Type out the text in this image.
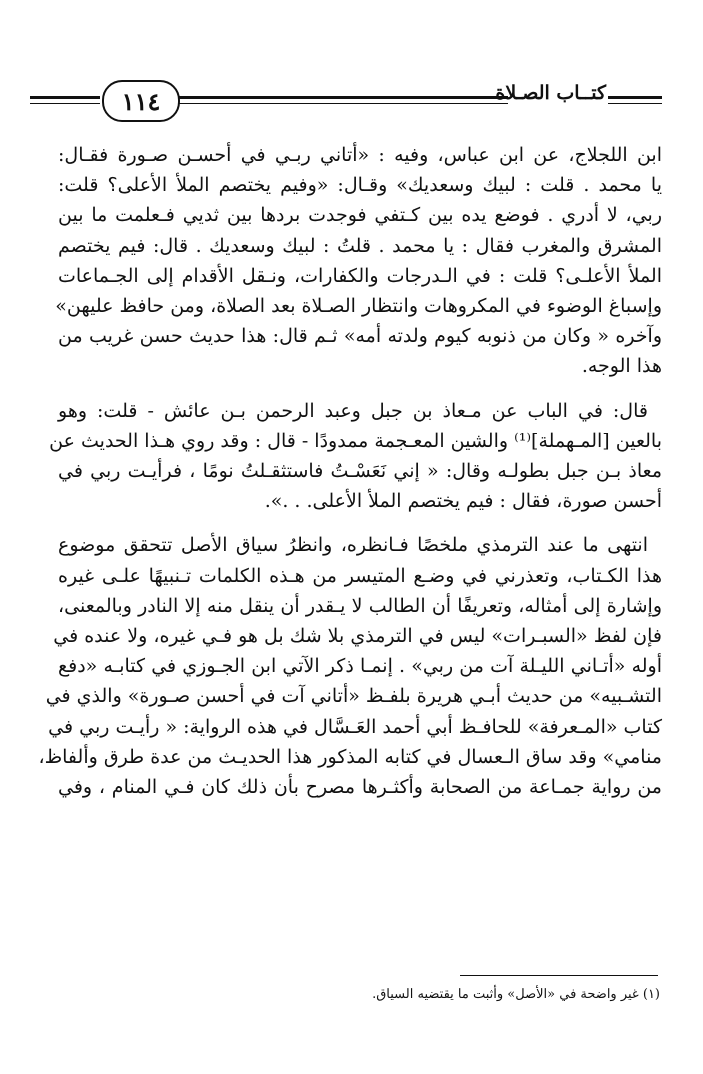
١١٤	كتــاب الصـلاة

ابن اللجلاج، عن ابن عباس، وفيه : «أتاني ربـي في أحسـن صـورة فقـال:
يا محمد . قلت : لبيك وسعديك» وقـال: «وفيم يختصم الملأ الأعلى؟ قلت:
ربي، لا أدري . فوضع يده بين كـتفي فوجدت بردها بين ثديي فـعلمت ما بين
المشرق والمغرب فقال : يا محمد . قلتُ : لبيك وسعديك . قال: فيم يختصم
الملأ الأعلـى؟ قلت : في الـدرجات والكفارات، ونـقل الأقدام إلى الجـماعات
وإسباغ الوضوء في المكروهات وانتظار الصـلاة بعد الصلاة، ومن حافظ عليهن»
وآخره « وكان من ذنوبه كيوم ولدته أمه» ثـم قال: هذا حديث حسن غريب من
هذا الوجه.

قال: في الباب عن مـعاذ بن جبل وعبد الرحمن بـن عائش - قلت: وهو
بالعين [المـهملة]⁽¹⁾ والشين المعـجمة ممدودًا - قال : وقد روي هـذا الحديث عن
معاذ بـن جبل بطولـه وقال: « إني نَعَسْـتُ فاستثقـلتُ نومًا ، فرأيـت ربي في
أحسن صورة، فقال : فيم يختصم الملأ الأعلى. . .».

انتهى ما عند الترمذي ملخصًا فـانظره، وانظرُ سياق الأصل تتحقق موضوع
هذا الكـتاب، وتعذرني في وضـع المتيسر من هـذه الكلمات تـنبيهًا علـى غيره
وإشارة إلى أمثاله، وتعريفًا أن الطالب لا يـقدر أن ينقل منه إلا النادر وبالمعنى،
فإن لفظ «السبـرات» ليس في الترمذي بلا شك بل هو فـي غيره، ولا عنده في
أوله «أتـاني الليـلة آت من ربي» . إنمـا ذكر الآتي ابن الجـوزي في كتابـه «دفع
التشـبيه» من حديث أبـي هريرة بلفـظ «أتاني آت في أحسن صـورة» والذي في
كتاب «المـعرفة» للحافـظ أبي أحمد العَـسَّال في هذه الرواية: « رأيـت ربي في
منامي» وقد ساق الـعسال في كتابه المذكور هذا الحديـث من عدة طرق وألفاظ،
من رواية جمـاعة من الصحابة وأكثـرها مصرح بأن ذلك كان فـي المنام ، وفي

(١) غير واضحة في «الأصل» وأثبت ما يقتضيه السياق.
